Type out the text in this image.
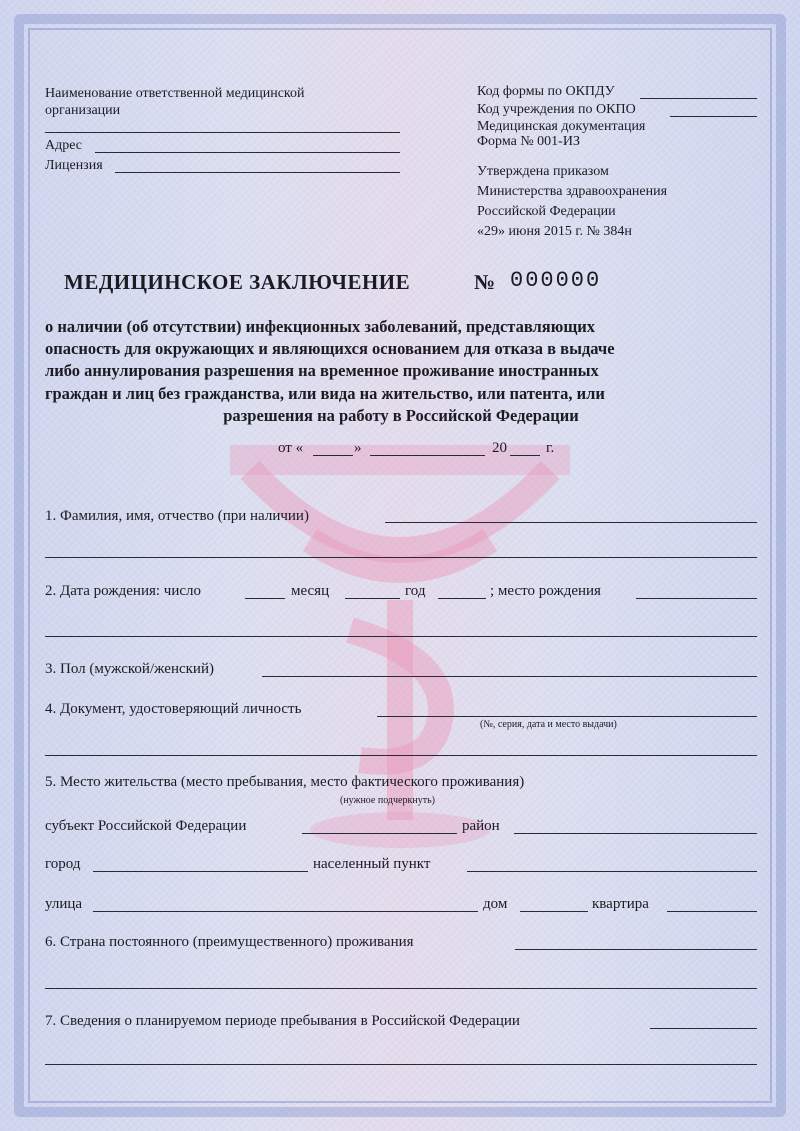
Наименование ответственной медицинской
организации
Адрес
Лицензия
Код формы по ОКПДУ
Код учреждения по ОКПО
Медицинская документация
Форма № 001-ИЗ
Утверждена приказом
Министерства здравоохранения
Российской Федерации
«29» июня 2015 г. № 384н
МЕДИЦИНСКОЕ ЗАКЛЮЧЕНИЕ	№ 000000
о наличии (об отсутствии) инфекционных заболеваний, представляющих
опасность для окружающих и являющихся основанием для отказа в выдаче
либо аннулирования разрешения на временное проживание иностранных
граждан и лиц без гражданства, или вида на жительство, или патента, или
разрешения на работу в Российской Федерации
от «	»	20	г.
1. Фамилия, имя, отчество (при наличии)
2. Дата рождения: число	месяц	год	; место рождения
3. Пол (мужской/женский)
4. Документ, удостоверяющий личность
(№, серия, дата и место выдачи)
5. Место жительства (место пребывания, место фактического проживания)
(нужное подчеркнуть)
субъект Российской Федерации	район
город	населенный пункт
улица	дом	квартира
6. Страна постоянного (преимущественного) проживания
7. Сведения о планируемом периоде пребывания в Российской Федерации
